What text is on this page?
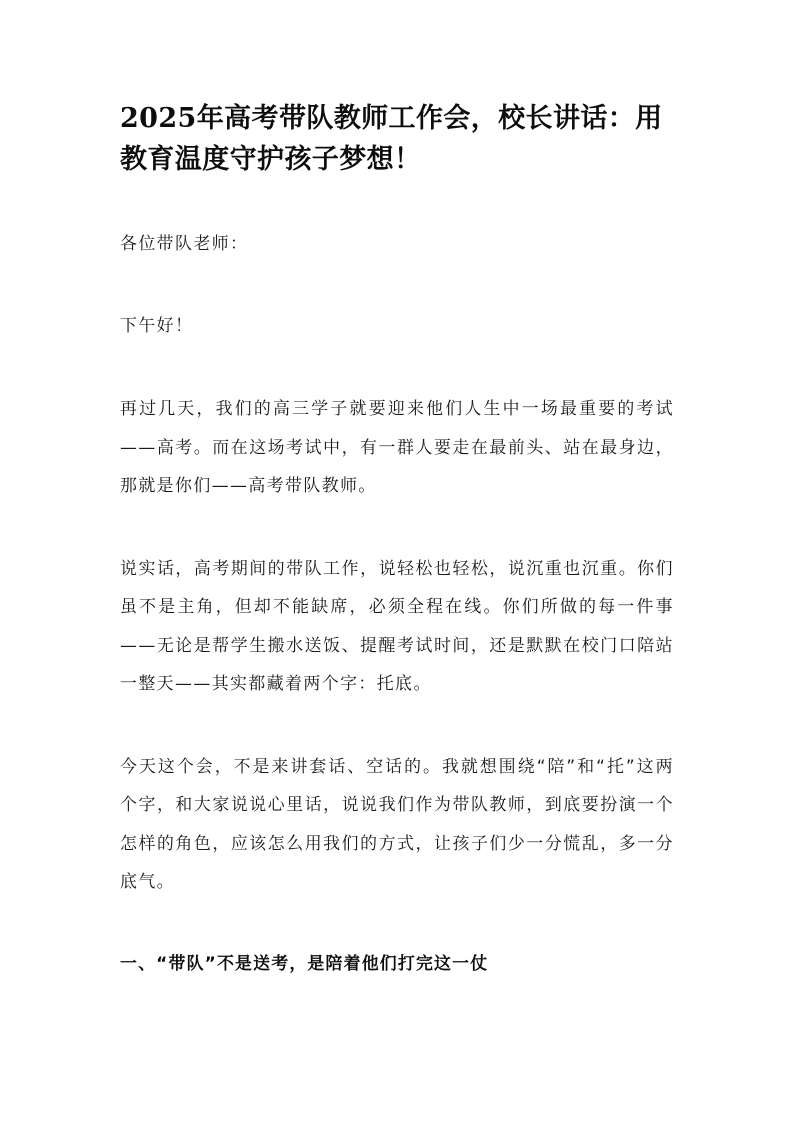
2025年高考带队教师工作会，校长讲话：用教育温度守护孩子梦想！

各位带队老师：

下午好！

再过几天，我们的高三学子就要迎来他们人生中一场最重要的考试——高考。而在这场考试中，有一群人要走在最前头、站在最身边，那就是你们——高考带队教师。

说实话，高考期间的带队工作，说轻松也轻松，说沉重也沉重。你们虽不是主角，但却不能缺席，必须全程在线。你们所做的每一件事——无论是帮学生搬水送饭、提醒考试时间，还是默默在校门口陪站一整天——其实都藏着两个字：托底。

今天这个会，不是来讲套话、空话的。我就想围绕“陪”和“托”这两个字，和大家说说心里话，说说我们作为带队教师，到底要扮演一个怎样的角色，应该怎么用我们的方式，让孩子们少一分慌乱，多一分底气。

一、“带队”不是送考，是陪着他们打完这一仗
